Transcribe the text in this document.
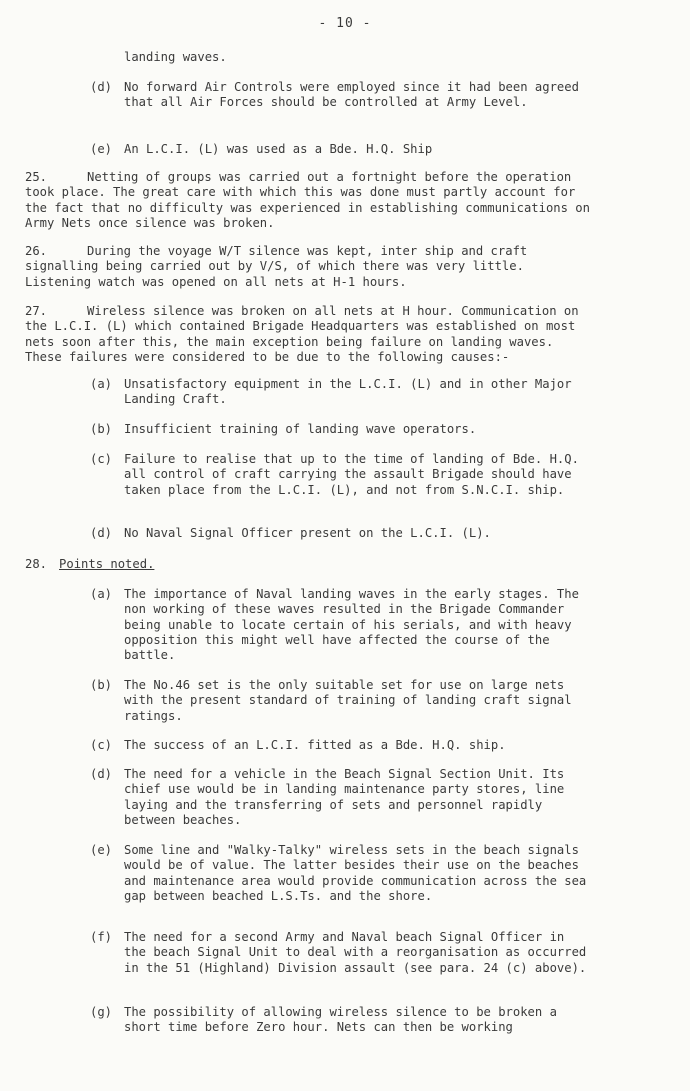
- 10 -

landing waves.

(d) No forward Air Controls were employed since it had been agreed that all Air Forces should be controlled at Army Level.
(e) An L.C.I. (L) was used as a Bde. H.Q. Ship

25.	Netting of groups was carried out a fortnight before the operation took place. The great care with which this was done must partly account for the fact that no difficulty was experienced in establishing communications on Army Nets once silence was broken.

26.	During the voyage W/T silence was kept, inter ship and craft signalling being carried out by V/S, of which there was very little. Listening watch was opened on all nets at H-1 hours.

27.	Wireless silence was broken on all nets at H hour. Communication on the L.C.I. (L) which contained Brigade Headquarters was established on most nets soon after this, the main exception being failure on landing waves. These failures were considered to be due to the following causes:-

(a) Unsatisfactory equipment in the L.C.I. (L) and in other Major Landing Craft.
(b) Insufficient training of landing wave operators.
(c) Failure to realise that up to the time of landing of Bde. H.Q. all control of craft carrying the assault Brigade should have taken place from the L.C.I. (L), and not from S.N.C.I. ship.
(d) No Naval Signal Officer present on the L.C.I. (L).
28. Points noted.
(a) The importance of Naval landing waves in the early stages. The non working of these waves resulted in the Brigade Commander being unable to locate certain of his serials, and with heavy opposition this might well have affected the course of the battle.
(b) The No.46 set is the only suitable set for use on large nets with the present standard of training of landing craft signal ratings.
(c) The success of an L.C.I. fitted as a Bde. H.Q. ship.
(d) The need for a vehicle in the Beach Signal Section Unit. Its chief use would be in landing maintenance party stores, line laying and the transferring of sets and personnel rapidly between beaches.
(e) Some line and "Walky-Talky" wireless sets in the beach signals would be of value. The latter besides their use on the beaches and maintenance area would provide communication across the sea gap between beached L.S.Ts. and the shore.
(f) The need for a second Army and Naval beach Signal Officer in the beach Signal Unit to deal with a reorganisation as occurred in the 51 (Highland) Division assault (see para. 24 (c) above).
(g) The possibility of allowing wireless silence to be broken a short time before Zero hour. Nets can then be working
